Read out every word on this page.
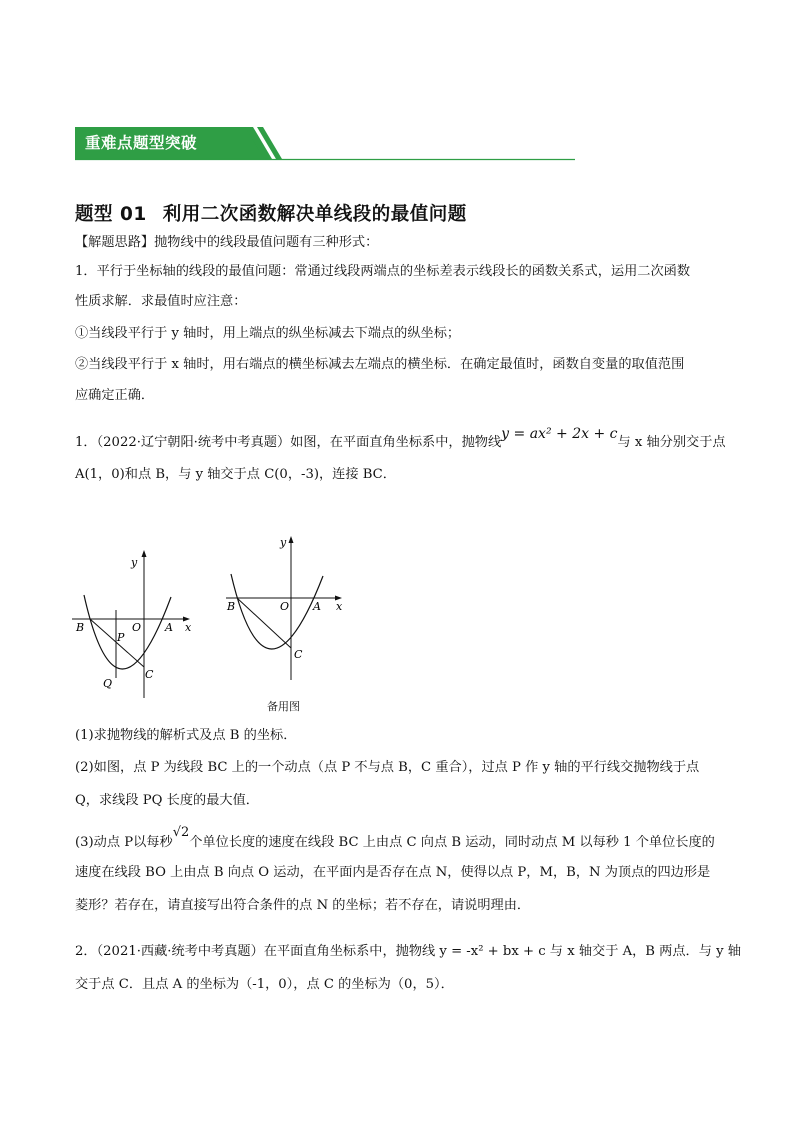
重难点题型突破
题型 01 利用二次函数解决单线段的最值问题
【解题思路】抛物线中的线段最值问题有三种形式：
1．平行于坐标轴的线段的最值问题：常通过线段两端点的坐标差表示线段长的函数关系式，运用二次函数
性质求解．求最值时应注意：
①当线段平行于 y 轴时，用上端点的纵坐标减去下端点的纵坐标；
②当线段平行于 x 轴时，用右端点的横坐标减去左端点的横坐标．在确定最值时，函数自变量的取值范围
应确定正确．
1．（2022·辽宁朝阳·统考中考真题）如图，在平面直角坐标系中，抛物线y = ax² + 2x + c与 x 轴分别交于点
A(1，0)和点 B，与 y 轴交于点 C(0，-3)，连接 BC．
B	O A x
y
P
Q
C
B	O A x
y
C
备用图
(1)求抛物线的解析式及点 B 的坐标．
(2)如图，点 P 为线段 BC 上的一个动点（点 P 不与点 B，C 重合），过点 P 作 y 轴的平行线交抛物线于点
Q，求线段 PQ 长度的最大值．
(3)动点 P以每秒√2个单位长度的速度在线段 BC 上由点 C 向点 B 运动，同时动点 M 以每秒 1 个单位长度的
速度在线段 BO 上由点 B 向点 O 运动，在平面内是否存在点 N，使得以点 P，M，B，N 为顶点的四边形是
菱形？若存在，请直接写出符合条件的点 N 的坐标；若不存在，请说明理由．
2．（2021·西藏·统考中考真题）在平面直角坐标系中，抛物线 y = -x² + bx + c 与 x 轴交于 A，B 两点．与 y 轴
交于点 C．且点 A 的坐标为（-1，0），点 C 的坐标为（0，5）．
